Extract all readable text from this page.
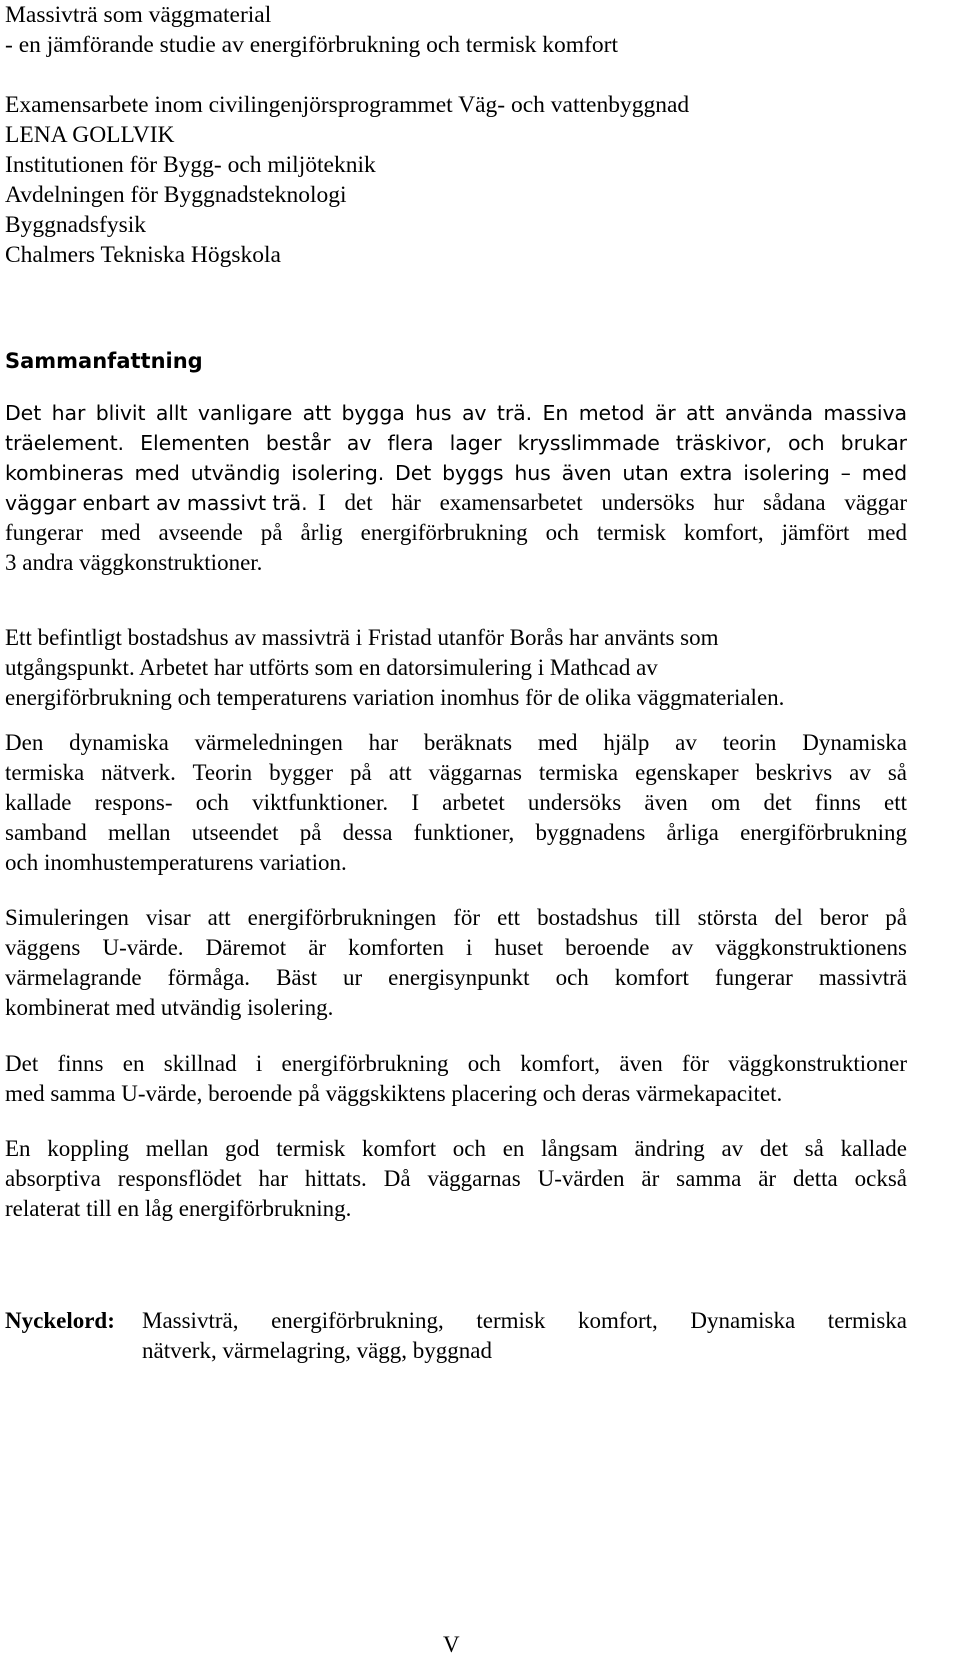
Massivträ som väggmaterial
- en jämförande studie av energiförbrukning och termisk komfort
Examensarbete inom civilingenjörsprogrammet Väg- och vattenbyggnad
LENA GOLLVIK
Institutionen för Bygg- och miljöteknik
Avdelningen för Byggnadsteknologi
Byggnadsfysik
Chalmers Tekniska Högskola
Sammanfattning
Det har blivit allt vanligare att bygga hus av trä. En metod är att använda massiva
träelement. Elementen består av flera lager krysslimmade träskivor, och brukar
kombineras med utvändig isolering. Det byggs hus även utan extra isolering – med
väggar enbart av massivt trä. I det här examensarbetet undersöks hur sådana väggar
fungerar med avseende på årlig energiförbrukning och termisk komfort, jämfört med
3 andra väggkonstruktioner.
Ett befintligt bostadshus av massivträ i Fristad utanför Borås har använts som
utgångspunkt. Arbetet har utförts som en datorsimulering i Mathcad av
energiförbrukning och temperaturens variation inomhus för de olika väggmaterialen.
Den dynamiska värmeledningen har beräknats med hjälp av teorin Dynamiska
termiska nätverk. Teorin bygger på att väggarnas termiska egenskaper beskrivs av så
kallade respons- och viktfunktioner. I arbetet undersöks även om det finns ett
samband mellan utseendet på dessa funktioner, byggnadens årliga energiförbrukning
och inomhustemperaturens variation.
Simuleringen visar att energiförbrukningen för ett bostadshus till största del beror på
väggens U-värde. Däremot är komforten i huset beroende av väggkonstruktionens
värmelagrande förmåga. Bäst ur energisynpunkt och komfort fungerar massivträ
kombinerat med utvändig isolering.
Det finns en skillnad i energiförbrukning och komfort, även för väggkonstruktioner
med samma U-värde, beroende på väggskiktens placering och deras värmekapacitet.
En koppling mellan god termisk komfort och en långsam ändring av det så kallade
absorptiva responsflödet har hittats. Då väggarnas U-värden är samma är detta också
relaterat till en låg energiförbrukning.
Nyckelord: Massivträ, energiförbrukning, termisk komfort, Dynamiska termiska
nätverk, värmelagring, vägg, byggnad
V
